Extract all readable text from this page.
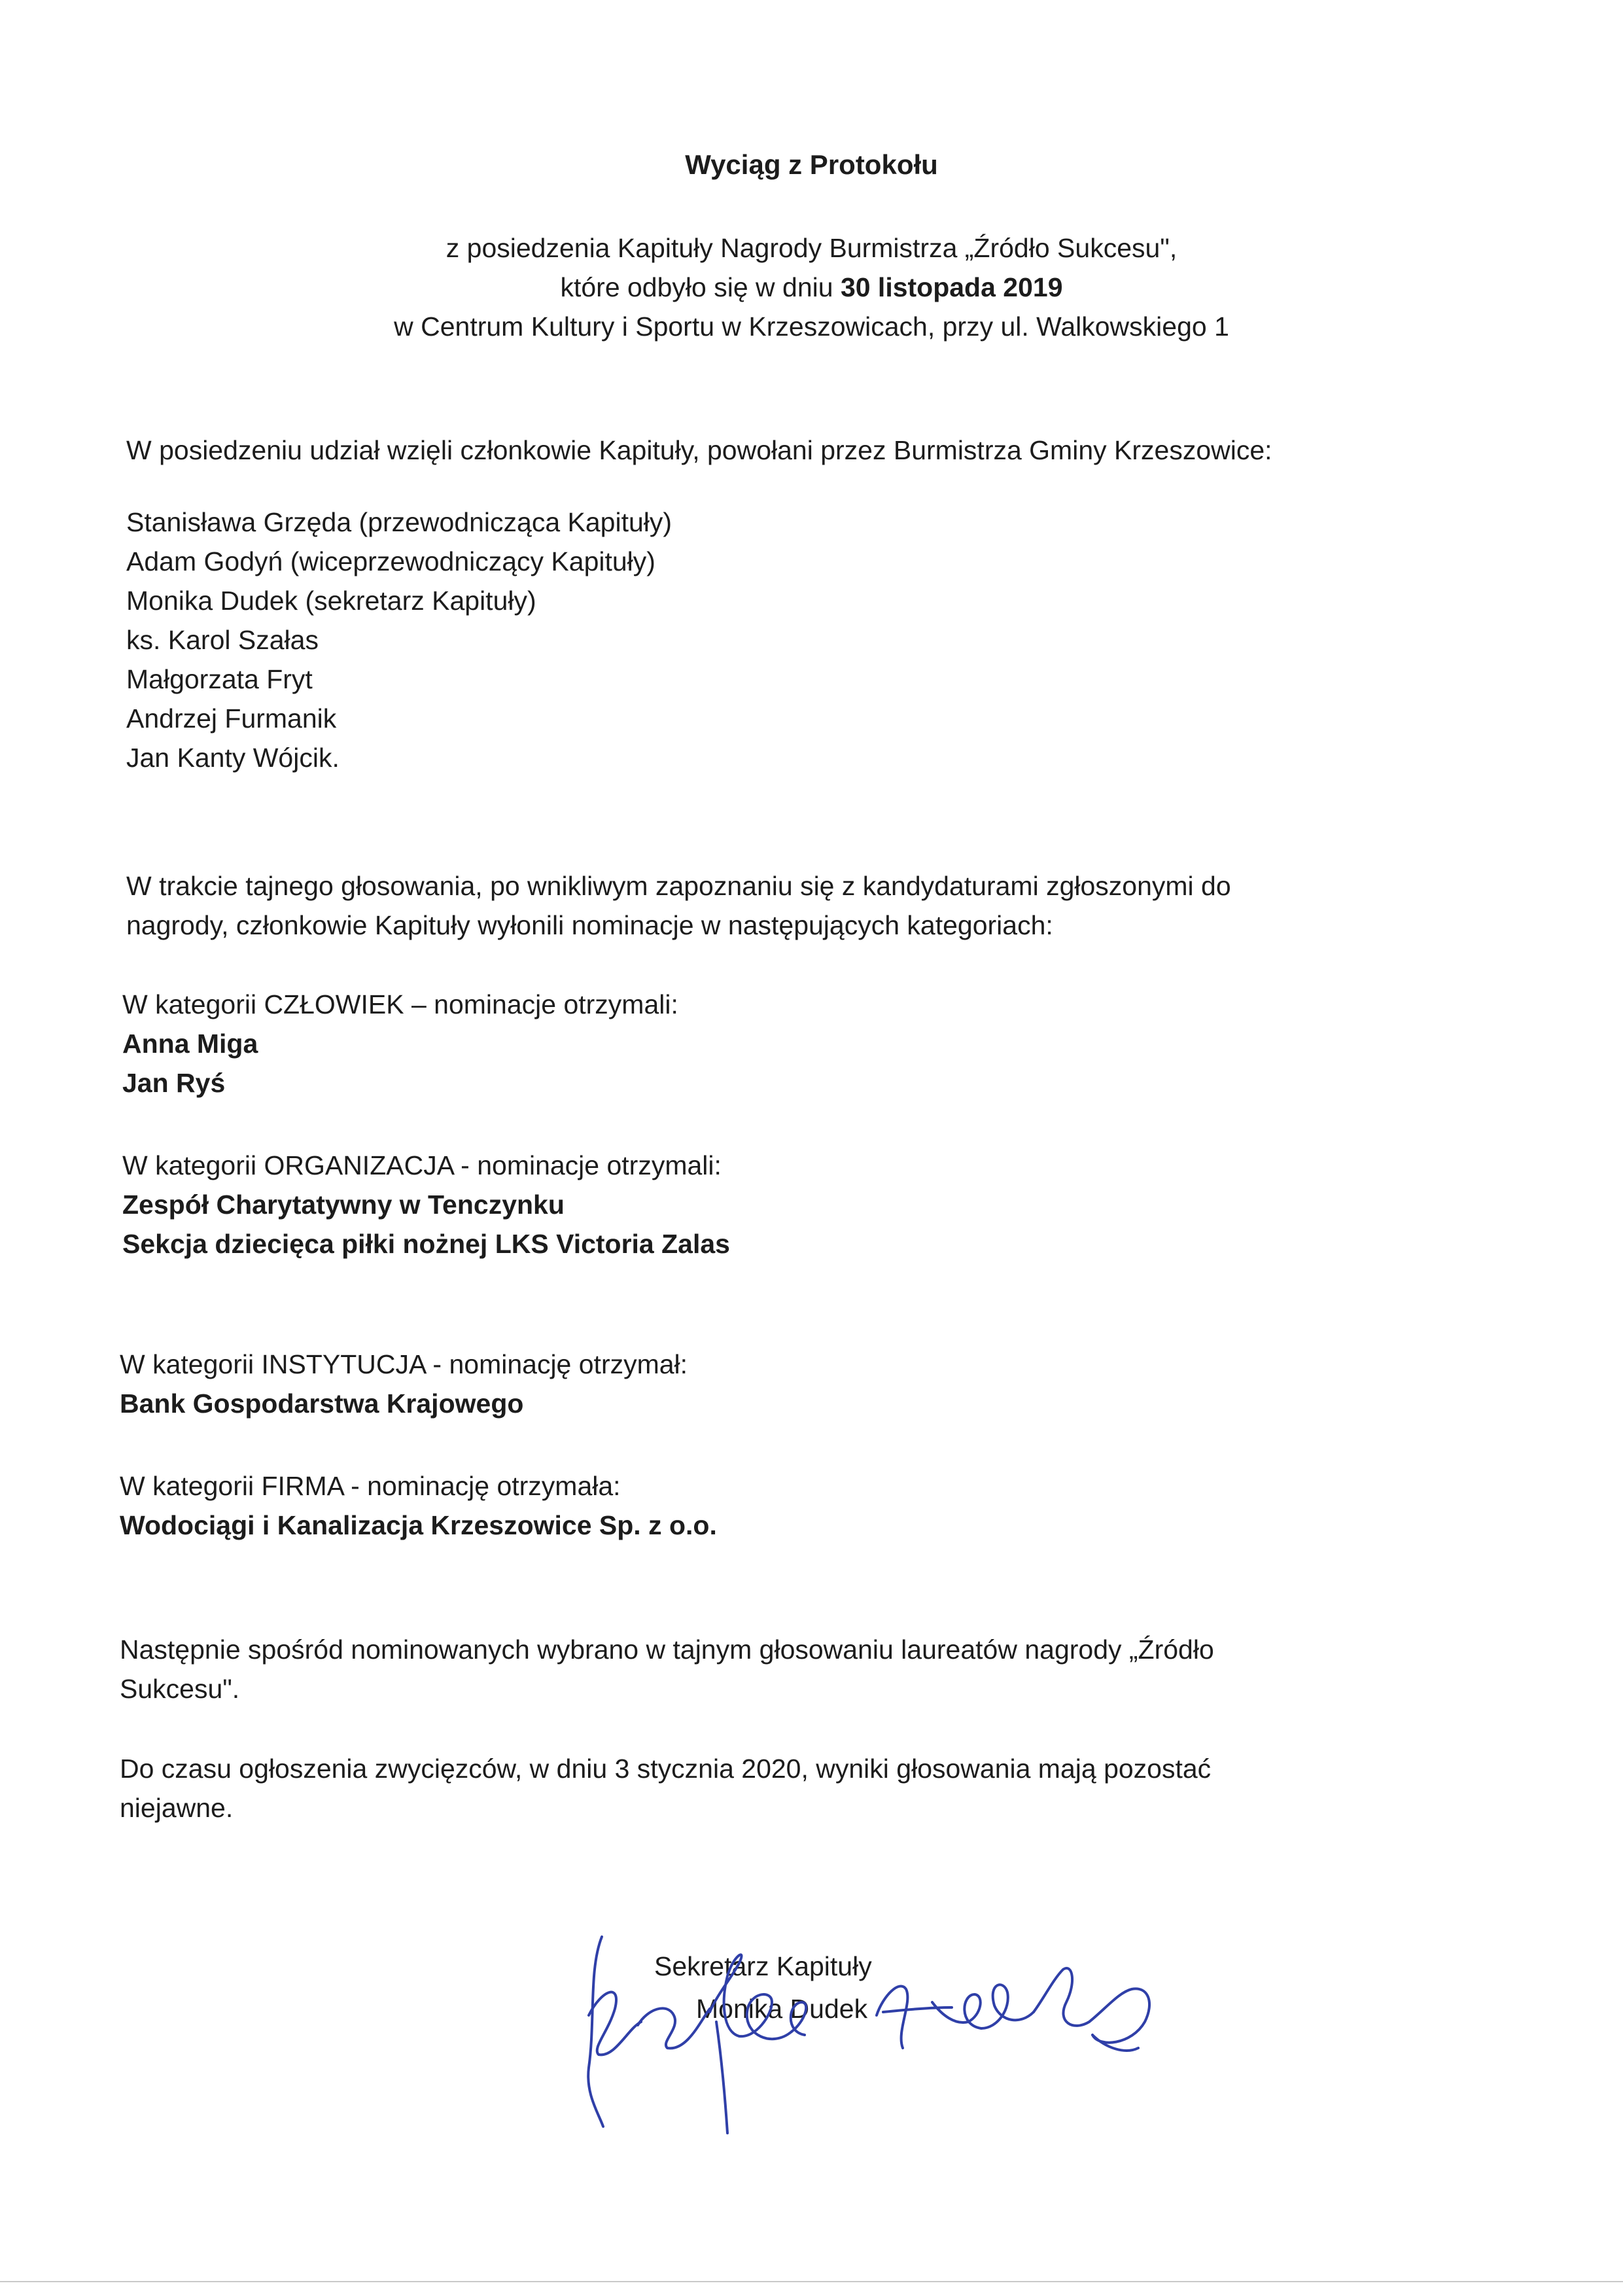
Wyciąg z Protokołu
z posiedzenia Kapituły Nagrody Burmistrza „Źródło Sukcesu",
które odbyło się w dniu 30 listopada 2019
w Centrum Kultury i Sportu w Krzeszowicach, przy ul. Walkowskiego 1
W posiedzeniu udział wzięli członkowie Kapituły, powołani przez Burmistrza Gminy Krzeszowice:
Stanisława Grzęda (przewodnicząca Kapituły)
Adam Godyń (wiceprzewodniczący Kapituły)
Monika Dudek (sekretarz Kapituły)
ks. Karol Szałas
Małgorzata Fryt
Andrzej Furmanik
Jan Kanty Wójcik.
W trakcie tajnego głosowania, po wnikliwym zapoznaniu się z kandydaturami zgłoszonymi do
nagrody, członkowie Kapituły wyłonili nominacje w następujących kategoriach:
W kategorii CZŁOWIEK – nominacje otrzymali:
Anna Miga
Jan Ryś
W kategorii ORGANIZACJA - nominacje otrzymali:
Zespół Charytatywny w Tenczynku
Sekcja dziecięca piłki nożnej LKS Victoria Zalas
W kategorii INSTYTUCJA - nominację otrzymał:
Bank Gospodarstwa Krajowego
W kategorii FIRMA - nominację otrzymała:
Wodociągi i Kanalizacja Krzeszowice Sp. z o.o.
Następnie spośród nominowanych wybrano w tajnym głosowaniu laureatów nagrody „Źródło
Sukcesu".
Do czasu ogłoszenia zwycięzców, w dniu 3 stycznia 2020, wyniki głosowania mają pozostać
niejawne.
Sekretarz Kapituły
Monika Dudek
